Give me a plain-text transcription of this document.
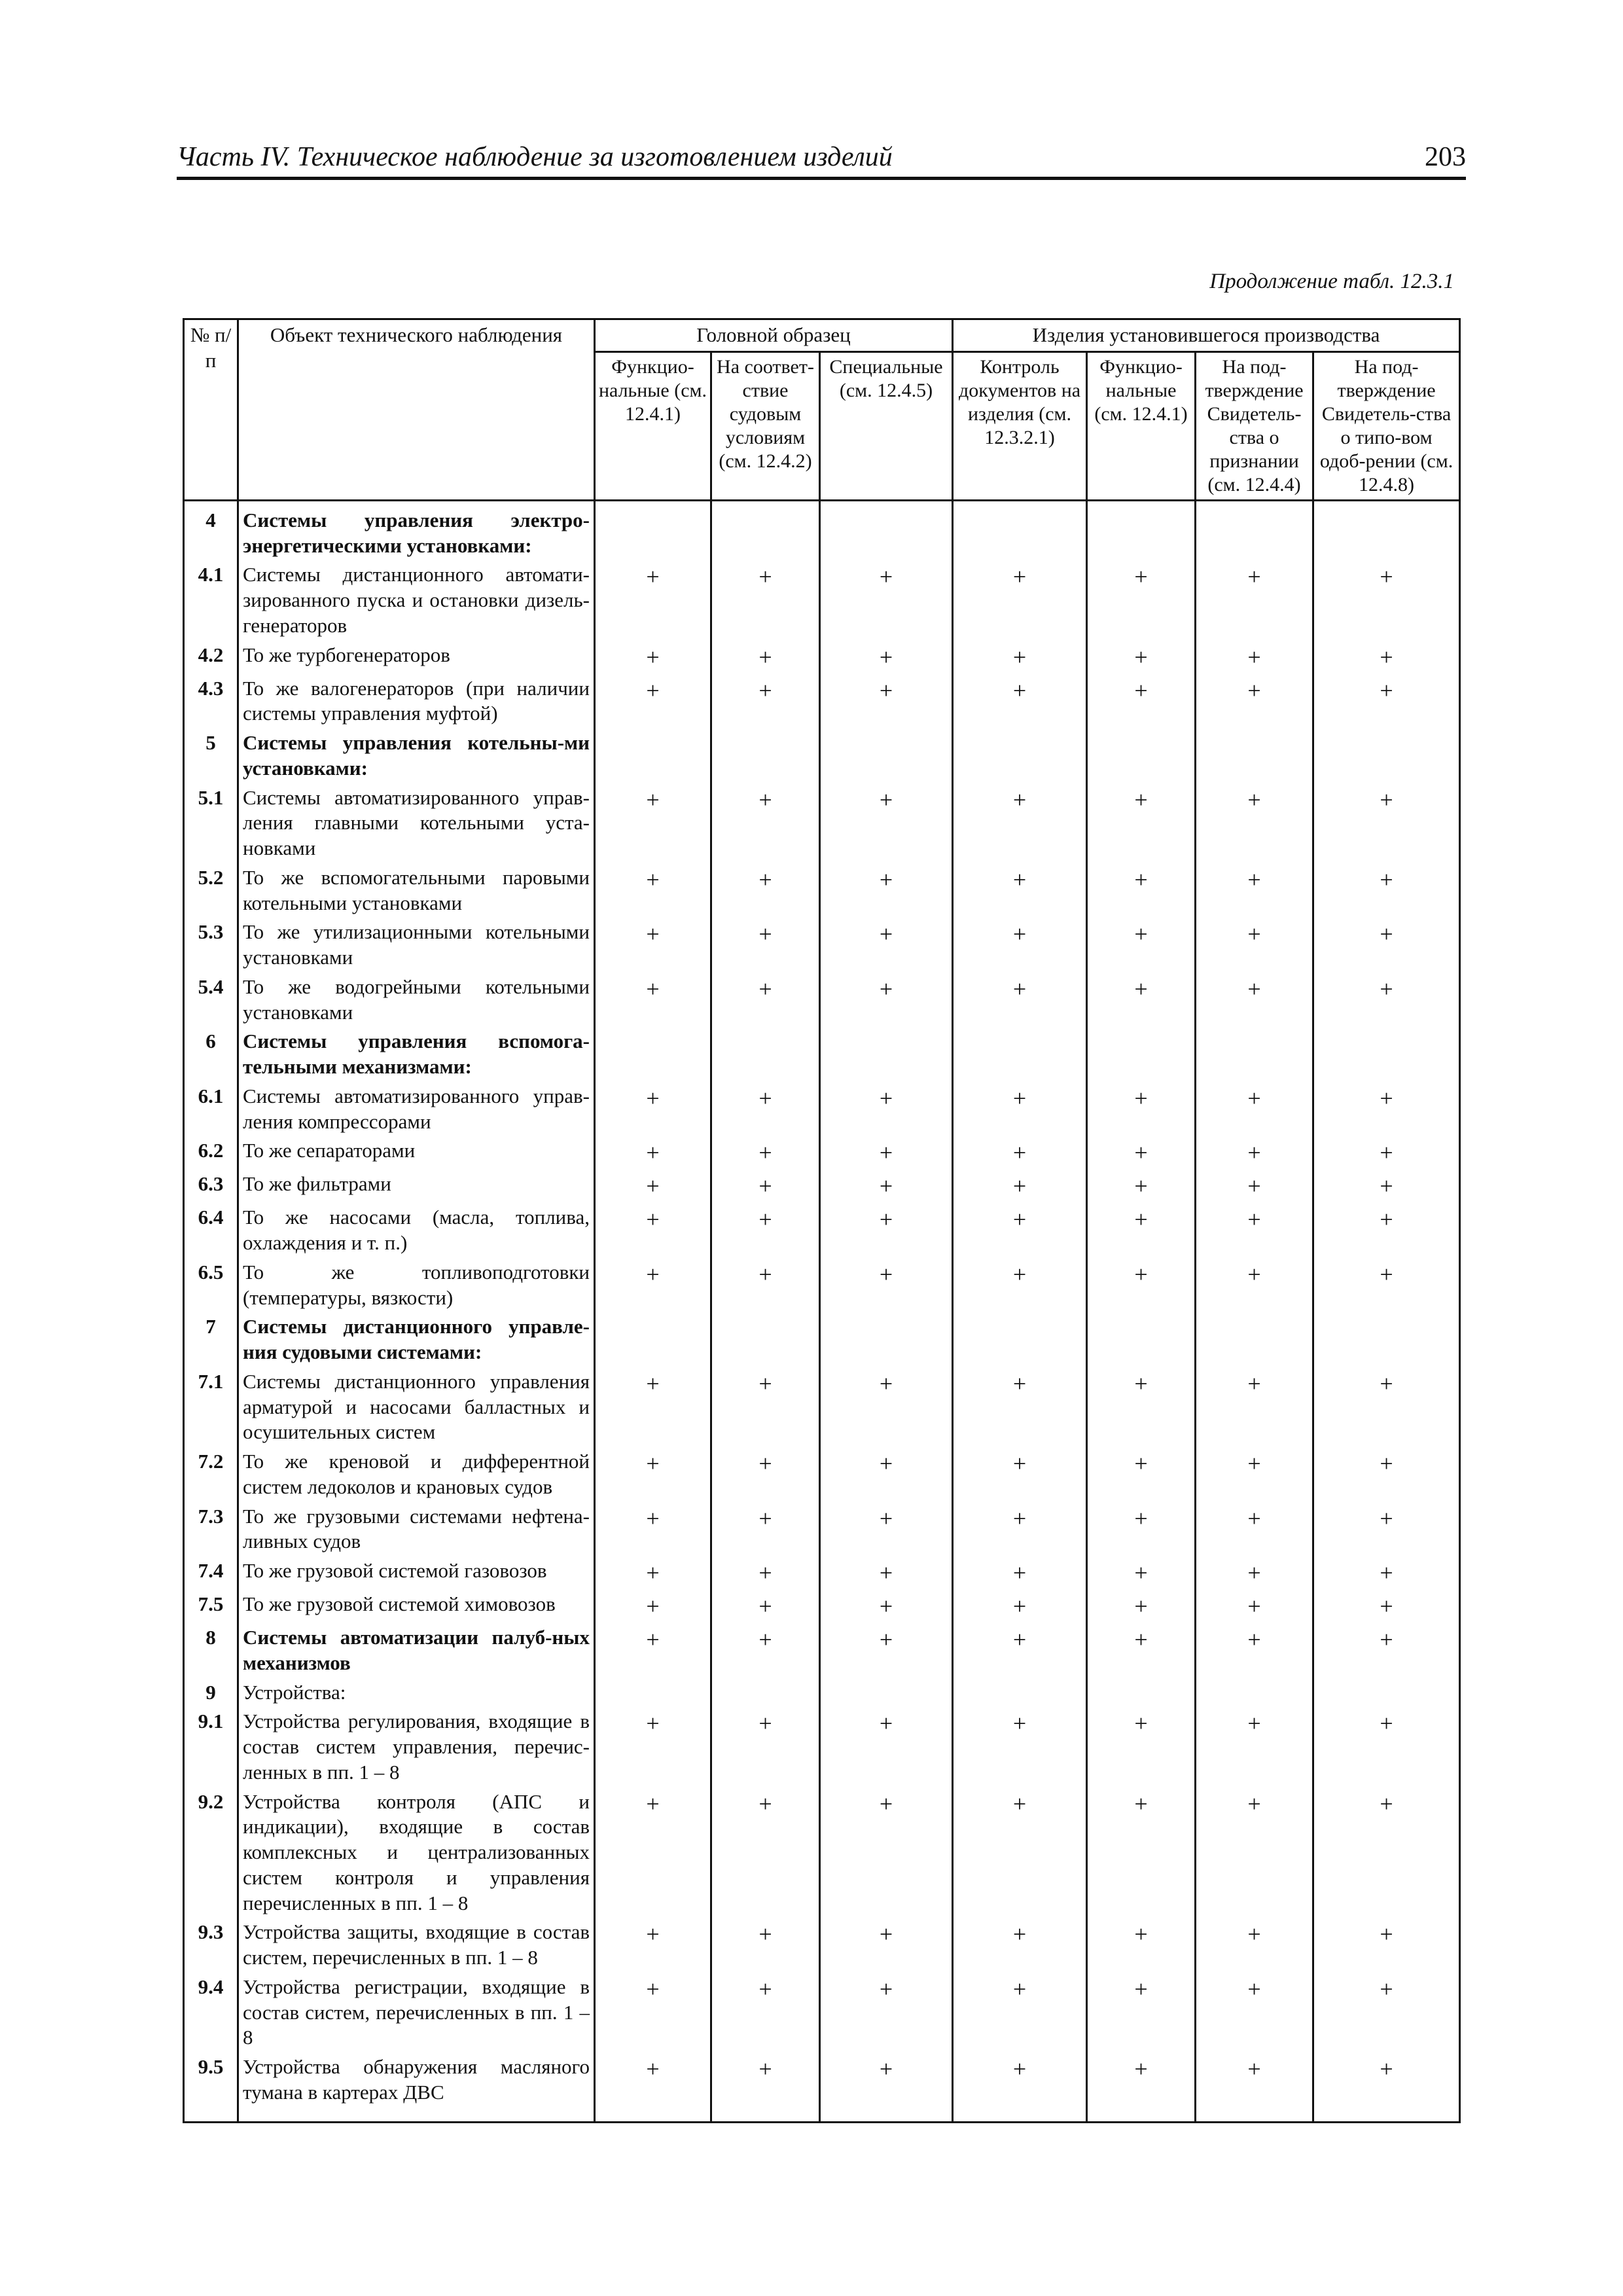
Часть IV. Техническое наблюдение за изготовлением изделий	203
Продолжение табл. 12.3.1
№ п/п	Объект технического наблюдения	Головной образец			Изделия установившегося производства			
		Функцио-нальные (см. 12.4.1)	На соответ-ствие судовым условиям (см. 12.4.2)	Специальные (см. 12.4.5)	Контроль документов на изделия (см. 12.3.2.1)	Функцио-нальные (см. 12.4.1)	На под-тверждение Свидетель-ства о признании (см. 12.4.4)	На под-тверждение Свидетель-ства о типо-вом одоб-рении (см. 12.4.8)
4	Системы управления электро-энергетическими установками:							
4.1	Системы дистанционного автомати-зированного пуска и остановки дизель-генераторов	+	+	+	+	+	+	+
4.2	То же турбогенераторов	+	+	+	+	+	+	+
4.3	То же валогенераторов (при наличии системы управления муфтой)	+	+	+	+	+	+	+
5	Системы управления котельны-ми установками:							
5.1	Системы автоматизированного управ-ления главными котельными уста-новками	+	+	+	+	+	+	+
5.2	То же вспомогательными паровыми котельными установками	+	+	+	+	+	+	+
5.3	То же утилизационными котельными установками	+	+	+	+	+	+	+
5.4	То же водогрейными котельными установками	+	+	+	+	+	+	+
6	Системы управления вспомога-тельными механизмами:							
6.1	Системы автоматизированного управ-ления компрессорами	+	+	+	+	+	+	+
6.2	То же сепараторами	+	+	+	+	+	+	+
6.3	То же фильтрами	+	+	+	+	+	+	+
6.4	То же насосами (масла, топлива, охлаждения и т. п.)	+	+	+	+	+	+	+
6.5	То же топливоподготовки (температуры, вязкости)	+	+	+	+	+	+	+
7	Системы дистанционного управле-ния судовыми системами:							
7.1	Системы дистанционного управления арматурой и насосами балластных и осушительных систем	+	+	+	+	+	+	+
7.2	То же креновой и дифферентной систем ледоколов и крановых судов	+	+	+	+	+	+	+
7.3	То же грузовыми системами нефтена-ливных судов	+	+	+	+	+	+	+
7.4	То же грузовой системой газовозов	+	+	+	+	+	+	+
7.5	То же грузовой системой химовозов	+	+	+	+	+	+	+
8	Системы автоматизации палуб-ных механизмов	+	+	+	+	+	+	+
9	Устройства:							
9.1	Устройства регулирования, входящие в состав систем управления, перечис-ленных в пп. 1 – 8	+	+	+	+	+	+	+
9.2	Устройства контроля (АПС и индикации), входящие в состав комплексных и централизованных систем контроля и управления перечисленных в пп. 1 – 8	+	+	+	+	+	+	+
9.3	Устройства защиты, входящие в состав систем, перечисленных в пп. 1 – 8	+	+	+	+	+	+	+
9.4	Устройства регистрации, входящие в состав систем, перечисленных в пп. 1 – 8	+	+	+	+	+	+	+
9.5	Устройства обнаружения масляного тумана в картерах ДВС	+	+	+	+	+	+	+
